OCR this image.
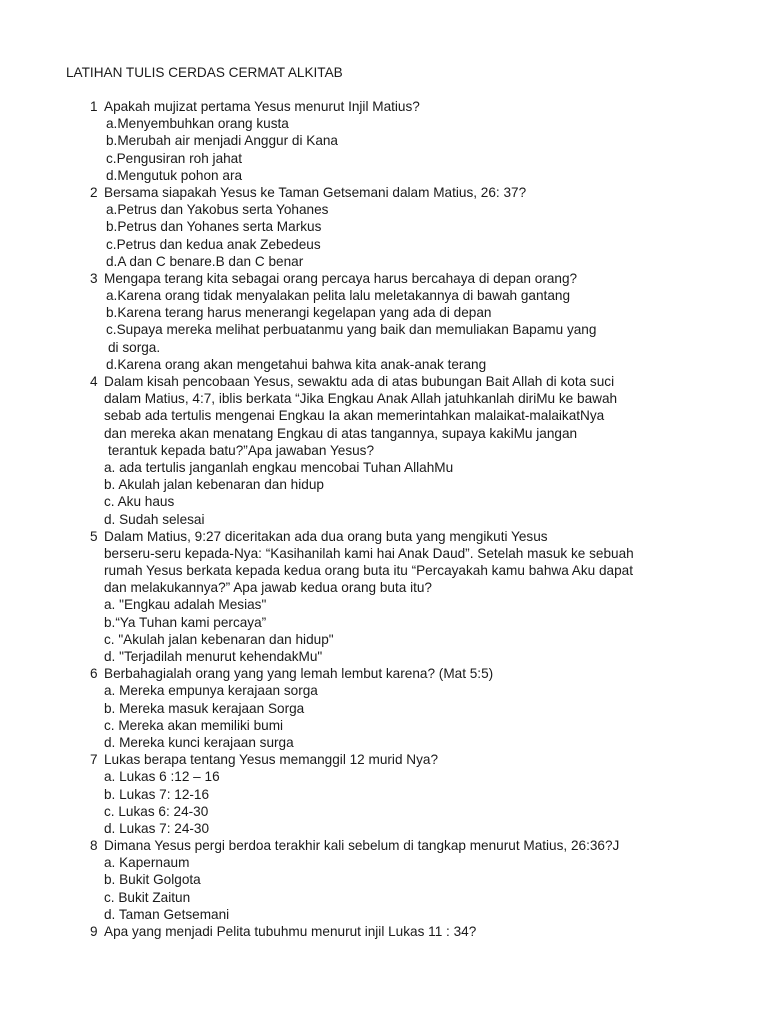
LATIHAN TULIS CERDAS CERMAT ALKITAB
1 Apakah mujizat pertama Yesus menurut Injil Matius?
a.Menyembuhkan orang kusta
b.Merubah air menjadi Anggur di Kana
c.Pengusiran roh jahat
d.Mengutuk pohon ara
2 Bersama siapakah Yesus ke Taman Getsemani dalam Matius, 26: 37?
a.Petrus dan Yakobus serta Yohanes
b.Petrus dan Yohanes serta Markus
c.Petrus dan kedua anak Zebedeus
d.A dan C benare.B dan C benar
3 Mengapa terang kita sebagai orang percaya harus bercahaya di depan orang?
a.Karena orang tidak menyalakan pelita lalu meletakannya di bawah gantang
b.Karena terang harus menerangi kegelapan yang ada di depan
c.Supaya mereka melihat perbuatanmu yang baik dan memuliakan Bapamu yang
di sorga.
d.Karena orang akan mengetahui bahwa kita anak-anak terang
4 Dalam kisah pencobaan Yesus, sewaktu ada di atas bubungan Bait Allah di kota suci
dalam Matius, 4:7, iblis berkata “Jika Engkau Anak Allah jatuhkanlah diriMu ke bawah
sebab ada tertulis mengenai Engkau Ia akan memerintahkan malaikat-malaikatNya
dan mereka akan menatang Engkau di atas tangannya, supaya kakiMu jangan
terantuk kepada batu?”Apa jawaban Yesus?
a. ada tertulis janganlah engkau mencobai Tuhan AllahMu
b. Akulah jalan kebenaran dan hidup
c. Aku haus
d. Sudah selesai
5 Dalam Matius, 9:27 diceritakan ada dua orang buta yang mengikuti Yesus
berseru-seru kepada-Nya: “Kasihanilah kami hai Anak Daud”. Setelah masuk ke sebuah
rumah Yesus berkata kepada kedua orang buta itu “Percayakah kamu bahwa Aku dapat
dan melakukannya?” Apa jawab kedua orang buta itu?
a. "Engkau adalah Mesias"
b.“Ya Tuhan kami percaya”
c. "Akulah jalan kebenaran dan hidup"
d. "Terjadilah menurut kehendakMu"
6 Berbahagialah orang yang yang lemah lembut karena? (Mat 5:5)
a. Mereka empunya kerajaan sorga
b. Mereka masuk kerajaan Sorga
c. Mereka akan memiliki bumi
d. Mereka kunci kerajaan surga
7 Lukas berapa tentang Yesus memanggil 12 murid Nya?
a. Lukas 6 :12 – 16
b. Lukas 7: 12-16
c. Lukas 6: 24-30
d. Lukas 7: 24-30
8 Dimana Yesus pergi berdoa terakhir kali sebelum di tangkap menurut Matius, 26:36?J
a. Kapernaum
b. Bukit Golgota
c. Bukit Zaitun
d. Taman Getsemani
9 Apa yang menjadi Pelita tubuhmu menurut injil Lukas 11 : 34?
